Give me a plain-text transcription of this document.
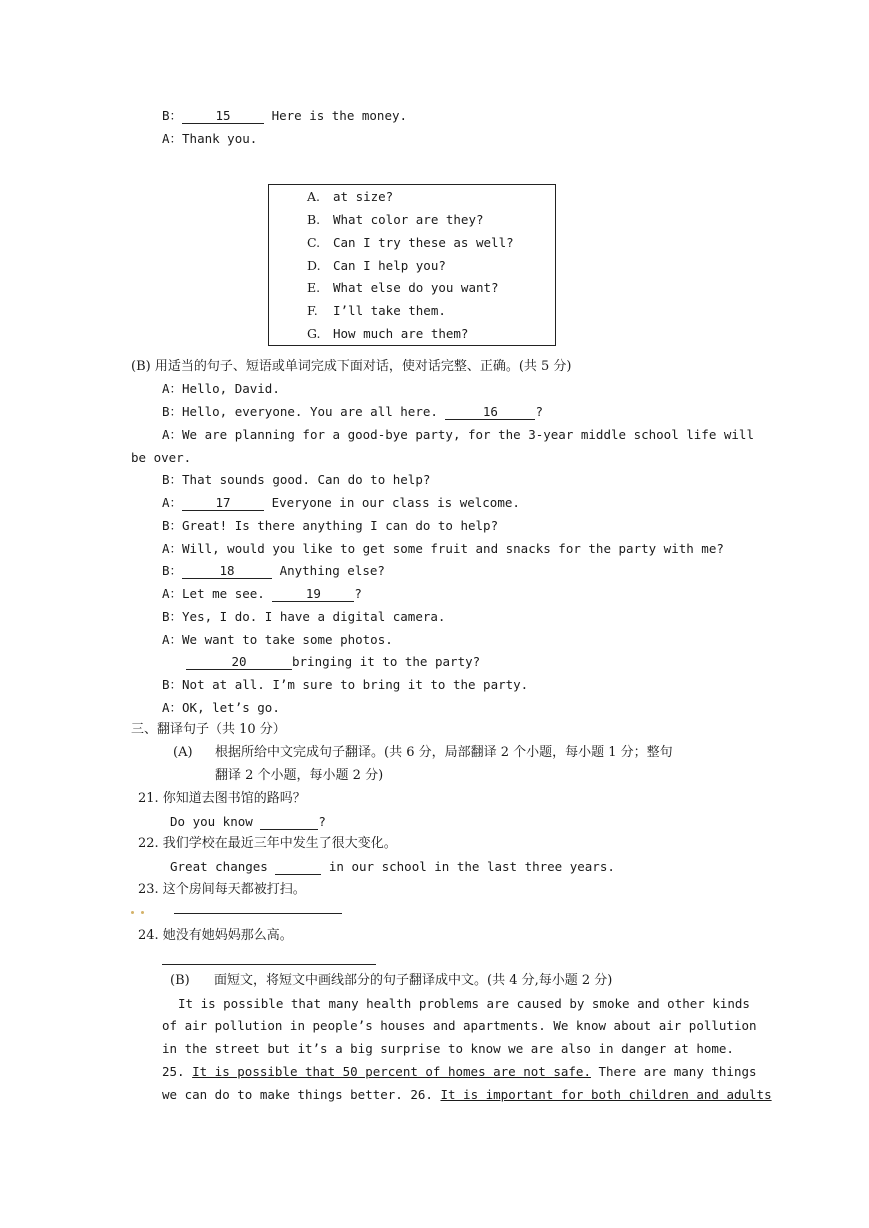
B：	15	Here is the money.
A：Thank you.
A. at size?
B. What color are they?
C. Can I try these as well?
D. Can I help you?
E. What else do you want?
F. I’ll take them.
G. How much are them?
(B) 用适当的句子、短语或单词完成下面对话，使对话完整、正确。(共 5 分)
A：Hello, David.
B：Hello, everyone. You are all here.	16	?
A：We are planning for a good-bye party, for the 3-year middle school life will
be over.
B：That sounds good. Can do to help?
A：	17	Everyone in our class is welcome.
B：Great! Is there anything I can do to help?
A：Will, would you like to get some fruit and snacks for the party with me?
B：	18	Anything else?
A：Let me see.	19	?
B：Yes, I do. I have a digital camera.
A：We want to take some photos.
20	bringing it to the party?
B：Not at all. I’m sure to bring it to the party.
A：OK, let’s go.
三、翻译句子（共 10 分）
(A) 根据所给中文完成句子翻译。(共 6 分，局部翻译 2 个小题，每小题 1 分；整句
翻译 2 个小题，每小题 2 分)
21. 你知道去图书馆的路吗？
Do you know	?
22. 我们学校在最近三年中发生了很大变化。
Great changes	in our school in the last three years.
23. 这个房间每天都被打扫。
24. 她没有她妈妈那么高。
(B) 面短文，将短文中画线部分的句子翻译成中文。(共 4 分,每小题 2 分)
It is possible that many health problems are caused by smoke and other kinds
of air pollution in people’s houses and apartments. We know about air pollution
in the street but it’s a big surprise to know we are also in danger at home.
25. It is possible that 50 percent of homes are not safe. There are many things
we can do to make things better. 26. It is important for both children and adults
